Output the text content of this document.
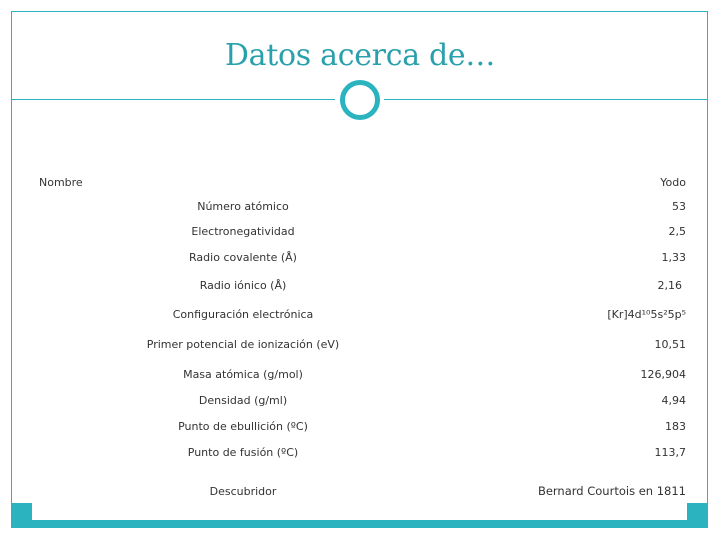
Datos acerca de…
Nombre	Yodo
Número atómico	53
Electronegatividad	2,5
Radio covalente (Å)	1,33
Radio iónico (Å)	2,16
Configuración electrónica	[Kr]4d¹⁰5s²5p⁵
Primer potencial de ionización (eV)	10,51
Masa atómica (g/mol)	126,904
Densidad (g/ml)	4,94
Punto de ebullición (ºC)	183
Punto de fusión (ºC)	113,7
Descubridor	Bernard Courtois en 1811
